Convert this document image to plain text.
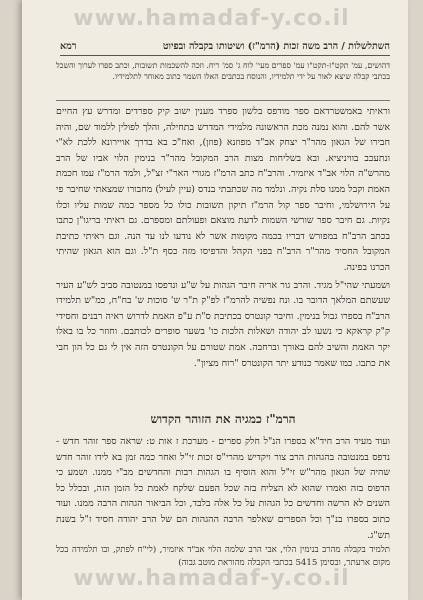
השתלשלות / הרב משה זכות (הרמ"ז) ושיטותו בקבלה ובפיוט
רמא

דהושים, עמ' תקט"ז-תקט"ו עמ' ספרים מעי' לוח ג' סמ' ריח. וזכה להשכמות תשובות, וכתב ספרו לערוך והשכל בכתבי קבלה שיצא לאור על ידי תלמידיו, והנוסח בכתבים האלו השמר כתוב מאוחר לתלמידיו.

וראיתי באמשטרדאם ספר מודפס בלשון ספרד מענין ישוב קיק ספרדים ומדרש עץ החיים אשר להם. והוא נמנה מכת הראשונה מלמידי המדרש בתחילה, והלך לפולין ללמוד שם, והיה חבירו של הגאון מהר"ר יצחק אב"ד מפוזנא (פוזן), ואח"כ בא בדרך אויירונא ללכת לא"י ונתעכב בוויניציא. ובא בשליחות מצות הרב המקובל מהר"ר בנימין הלוי אביו של הרב מהרש"ה הלוי אב"ד איזמיר. והרב"ח כתב הרמ"ז מגורי האר"י זצ"ל, ולמד הרמ"ז עמו חכמת האמת וקבל ממנו סלת נקיה. ונלמד מה שכתבתי בנדס (עיין לעיל) מחבורו שמצאתי שחיבר פי על הירושלמי, וחיבר ספר קול הרמ"ז תיקון תשובות כולו כל מספר כמה שמות עליו וכלו נקיות. גם חיבר ספר שורשי השמות לדעת מוצאם ופעולתם ומספרם. גם ראיתי בריגו"ן כתבו בכתב הרב"ח במפורש דבריו בכמה מקומות אשר לא נודעו לנו עד הנה. וגם ראיתי כתיבת המקובל החסיד מהר"ר הרב"ח בפני הקהל והדפיסו מזה כסף ת"ל. וגם הוא הגאון שהיתי הכרנו בפינה.

ושמעתי שהי"ל מגיד. והרב גור אריה חיבר הגהות על ש"ע ונדפסו במנטובה סביב לש"ע העיר שעשתם המלאך הדובר בו. ונח נפשיה להרמ"ז לפ"ק ת"ר ש' סוכות ש' בח"ח, כמ"ש תלמידו הרב"ח בספרו גבול בנימין. וחיבר קונטרס בכתיבת ס"ת ע"פ האמת לדרוש ראיה רבנים וחסידי ק"ק קראקא כי נשעו לב יהודה ושאלות הלכות כו' בשער סופרים לכותבם. וחוזר כל בו באלו יקר האמת והשיב להם באורך וברחבה. אמת שטורם על הקונטרס הזה אין לי גם כל הון חבי את כתבו. כמו שאמר כנודע יתר הקונטרס "רוח מציון".

הרמ"ז כמגיה את הזוהר הקדוש

ועוד מעיד הרב חיד"א בספרו הנ"ל חלק ספרים - מערכת ז אות ט: שראה ספר זוהר חדש - נדפס במנטובה בהגהות הרב צור ויקדיש מהרי"ס זכות זי"ל ואחר כמה זמן בא לידו זוהר חדש שהיה של הגאון מהר"ש זי"ל והוא הוסיף בו הגהות רבות והחדשים מב"י ממנו. ושמע כי הדפוס בזה ואמרו שהוא לא הצליח בזה שכל הפעם שלקח לאמת כל הזמן הזה, ובכלל כל השנים לא הרשה וחדשים כל הגהות על כל אלה בלבד, וכל הביאור הגהות הרבה ממנו. ועוד כתוב בספרו בנ"ך וכל הספרים שאלפר הרבה ההגהות הם של הרב יהודה חסיד ז"ל בשנת תש"ג.

תלמיד בקבלה מהרב בנימין הלוי, אבי הרב שלמה הלוי אב"ד איזמיר, (לי"ח לפתק, ובו תלמידה בכל מקום ארעתר, ובסימן 5415 בכתבי הקבלה מהוראת מוטב גבוה)

www.hamadaf-y.co.il
www.hamadaf-y.co.il
